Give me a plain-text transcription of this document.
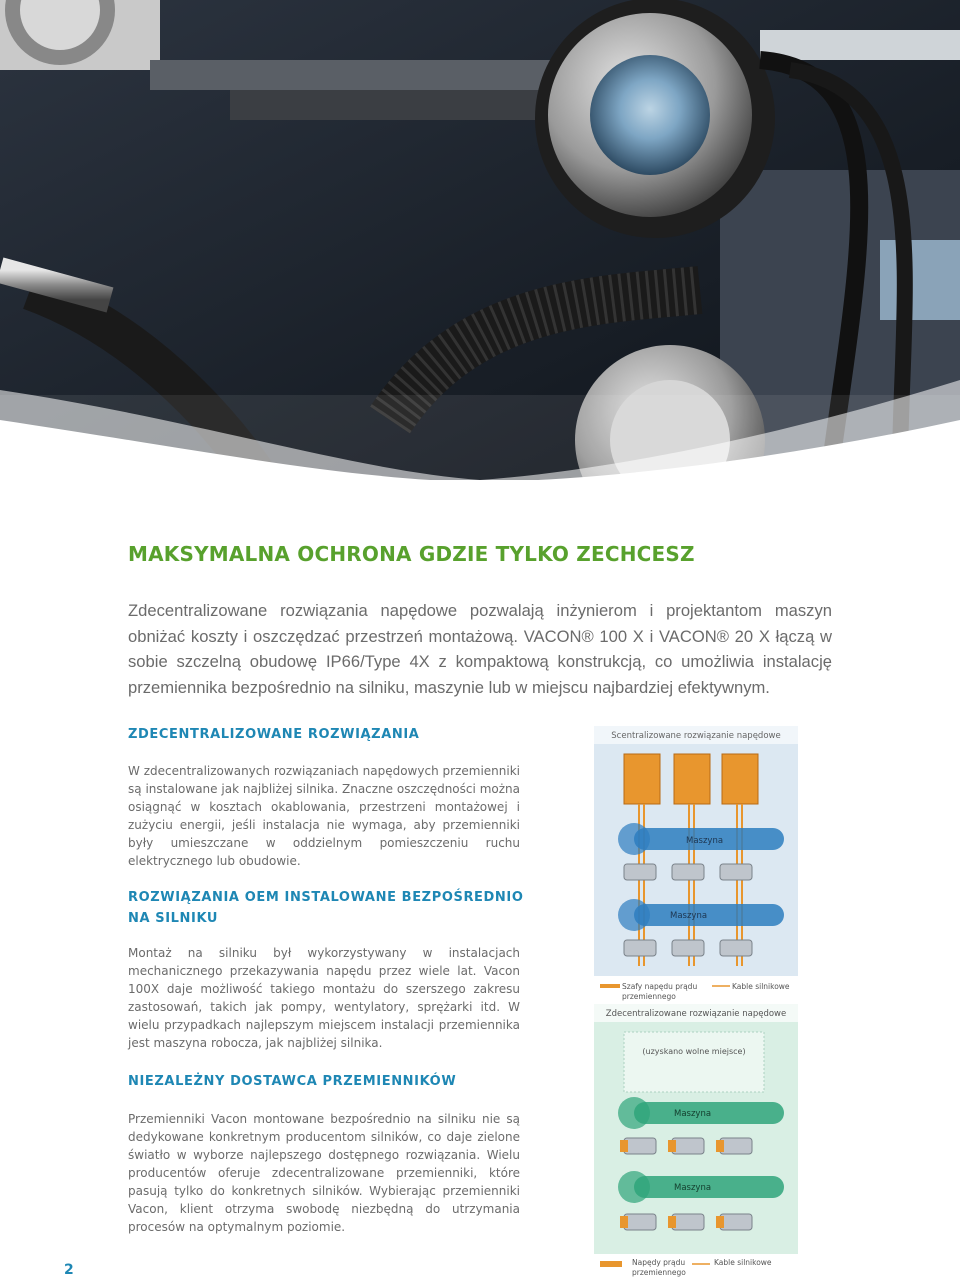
MAKSYMALNA OCHRONA GDZIE TYLKO ZECHCESZ

Zdecentralizowane rozwiązania napędowe pozwalają inżynierom i projektantom maszyn obniżać koszty i oszczędzać przestrzeń montażową. VACON® 100 X i VACON® 20 X łączą w sobie szczelną obudowę IP66/Type 4X z kompaktową konstrukcją, co umożliwia instalację przemiennika bezpośrednio na silniku, maszynie lub w miejscu najbardziej efektywnym.

ZDECENTRALIZOWANE ROZWIĄZANIA

W zdecentralizowanych rozwiązaniach napędowych przemienniki są instalowane jak najbliżej silnika. Znaczne oszczędności można osiągnąć w kosztach okablowania, przestrzeni montażowej i zużyciu energii, jeśli instalacja nie wymaga, aby przemienniki były umieszczane w oddzielnym pomieszczeniu ruchu elektrycznego lub obudowie.

ROZWIĄZANIA OEM INSTALOWANE BEZPOŚREDNIO NA SILNIKU

Montaż na silniku był wykorzystywany w instalacjach mechanicznego przekazywania napędu przez wiele lat. Vacon 100X daje możliwość takiego montażu do szerszego zakresu zastosowań, takich jak pompy, wentylatory, sprężarki itd. W wielu przypadkach najlepszym miejscem instalacji przemiennika jest maszyna robocza, jak najbliżej silnika.

NIEZALEŻNY DOSTAWCA PRZEMIENNIKÓW

Przemienniki Vacon montowane bezpośrednio na silniku nie są dedykowane konkretnym producentom silników, co daje zielone światło w wyborze najlepszego dostępnego rozwiązania. Wielu producentów oferuje zdecentralizowane przemienniki, które pasują tylko do konkretnych silników. Wybierając przemienniki Vacon, klient otrzyma swobodę niezbędną do utrzymania procesów na optymalnym poziomie.

Scentralizowane rozwiązanie napędowe
Maszyna
Maszyna
Szafy napędu prądu przemiennego
Kable silnikowe
Zdecentralizowane rozwiązanie napędowe
(uzyskano wolne miejsce)
Maszyna
Maszyna
Napędy prądu przemiennego
Kable silnikowe
2
